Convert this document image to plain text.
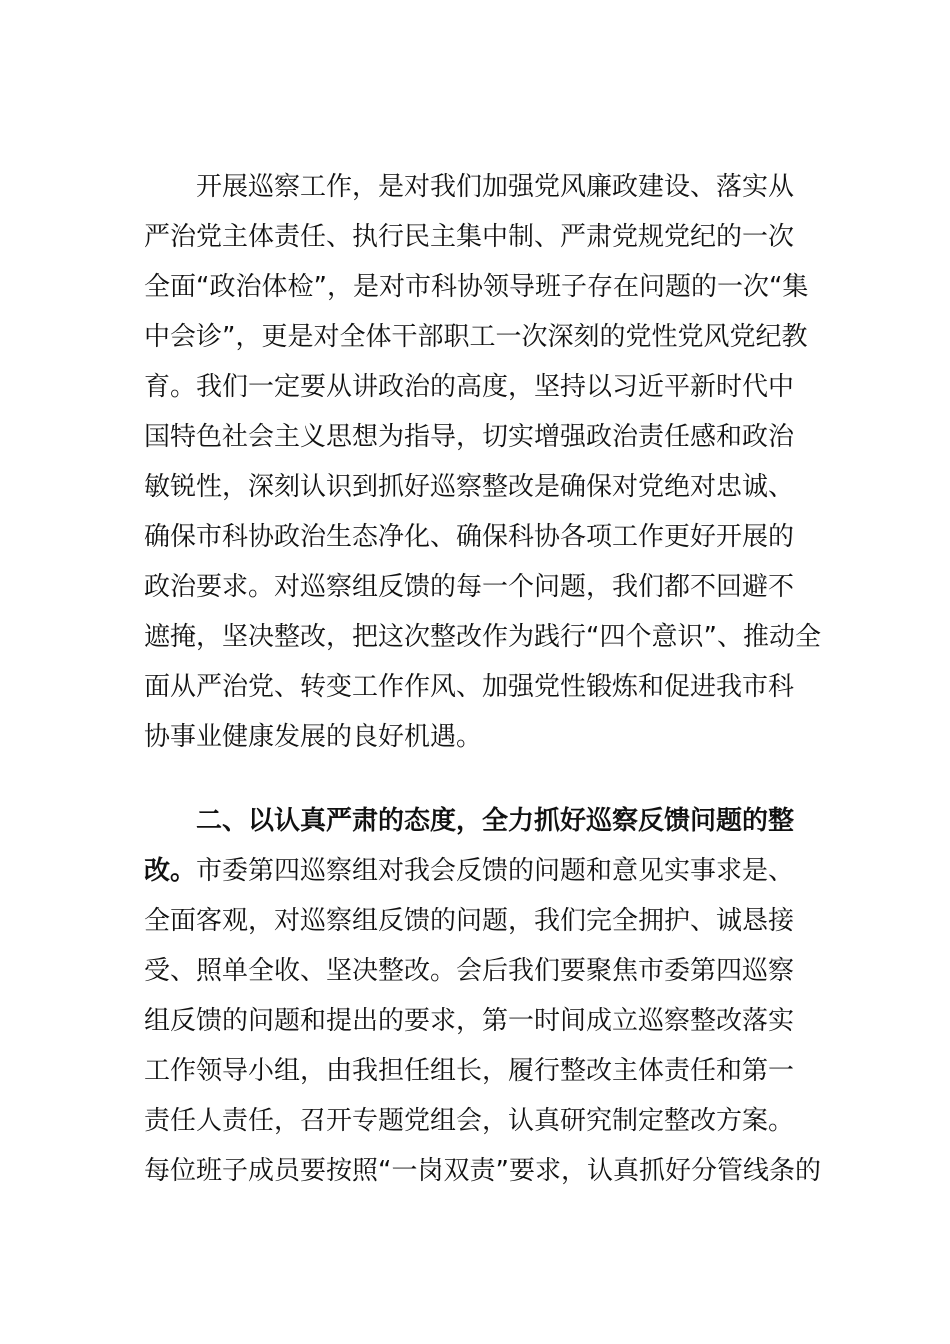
开展巡察工作，是对我们加强党风廉政建设、落实从
严治党主体责任、执行民主集中制、严肃党规党纪的一次
全面“政治体检”，是对市科协领导班子存在问题的一次“集
中会诊”，更是对全体干部职工一次深刻的党性党风党纪教
育。我们一定要从讲政治的高度，坚持以习近平新时代中
国特色社会主义思想为指导，切实增强政治责任感和政治
敏锐性，深刻认识到抓好巡察整改是确保对党绝对忠诚、
确保市科协政治生态净化、确保科协各项工作更好开展的
政治要求。对巡察组反馈的每一个问题，我们都不回避不
遮掩，坚决整改，把这次整改作为践行“四个意识”、推动全
面从严治党、转变工作作风、加强党性锻炼和促进我市科
协事业健康发展的良好机遇。
二、以认真严肃的态度，全力抓好巡察反馈问题的整
改。市委第四巡察组对我会反馈的问题和意见实事求是、
全面客观，对巡察组反馈的问题，我们完全拥护、诚恳接
受、照单全收、坚决整改。会后我们要聚焦市委第四巡察
组反馈的问题和提出的要求，第一时间成立巡察整改落实
工作领导小组，由我担任组长，履行整改主体责任和第一
责任人责任，召开专题党组会，认真研究制定整改方案。
每位班子成员要按照“一岗双责”要求，认真抓好分管线条的
